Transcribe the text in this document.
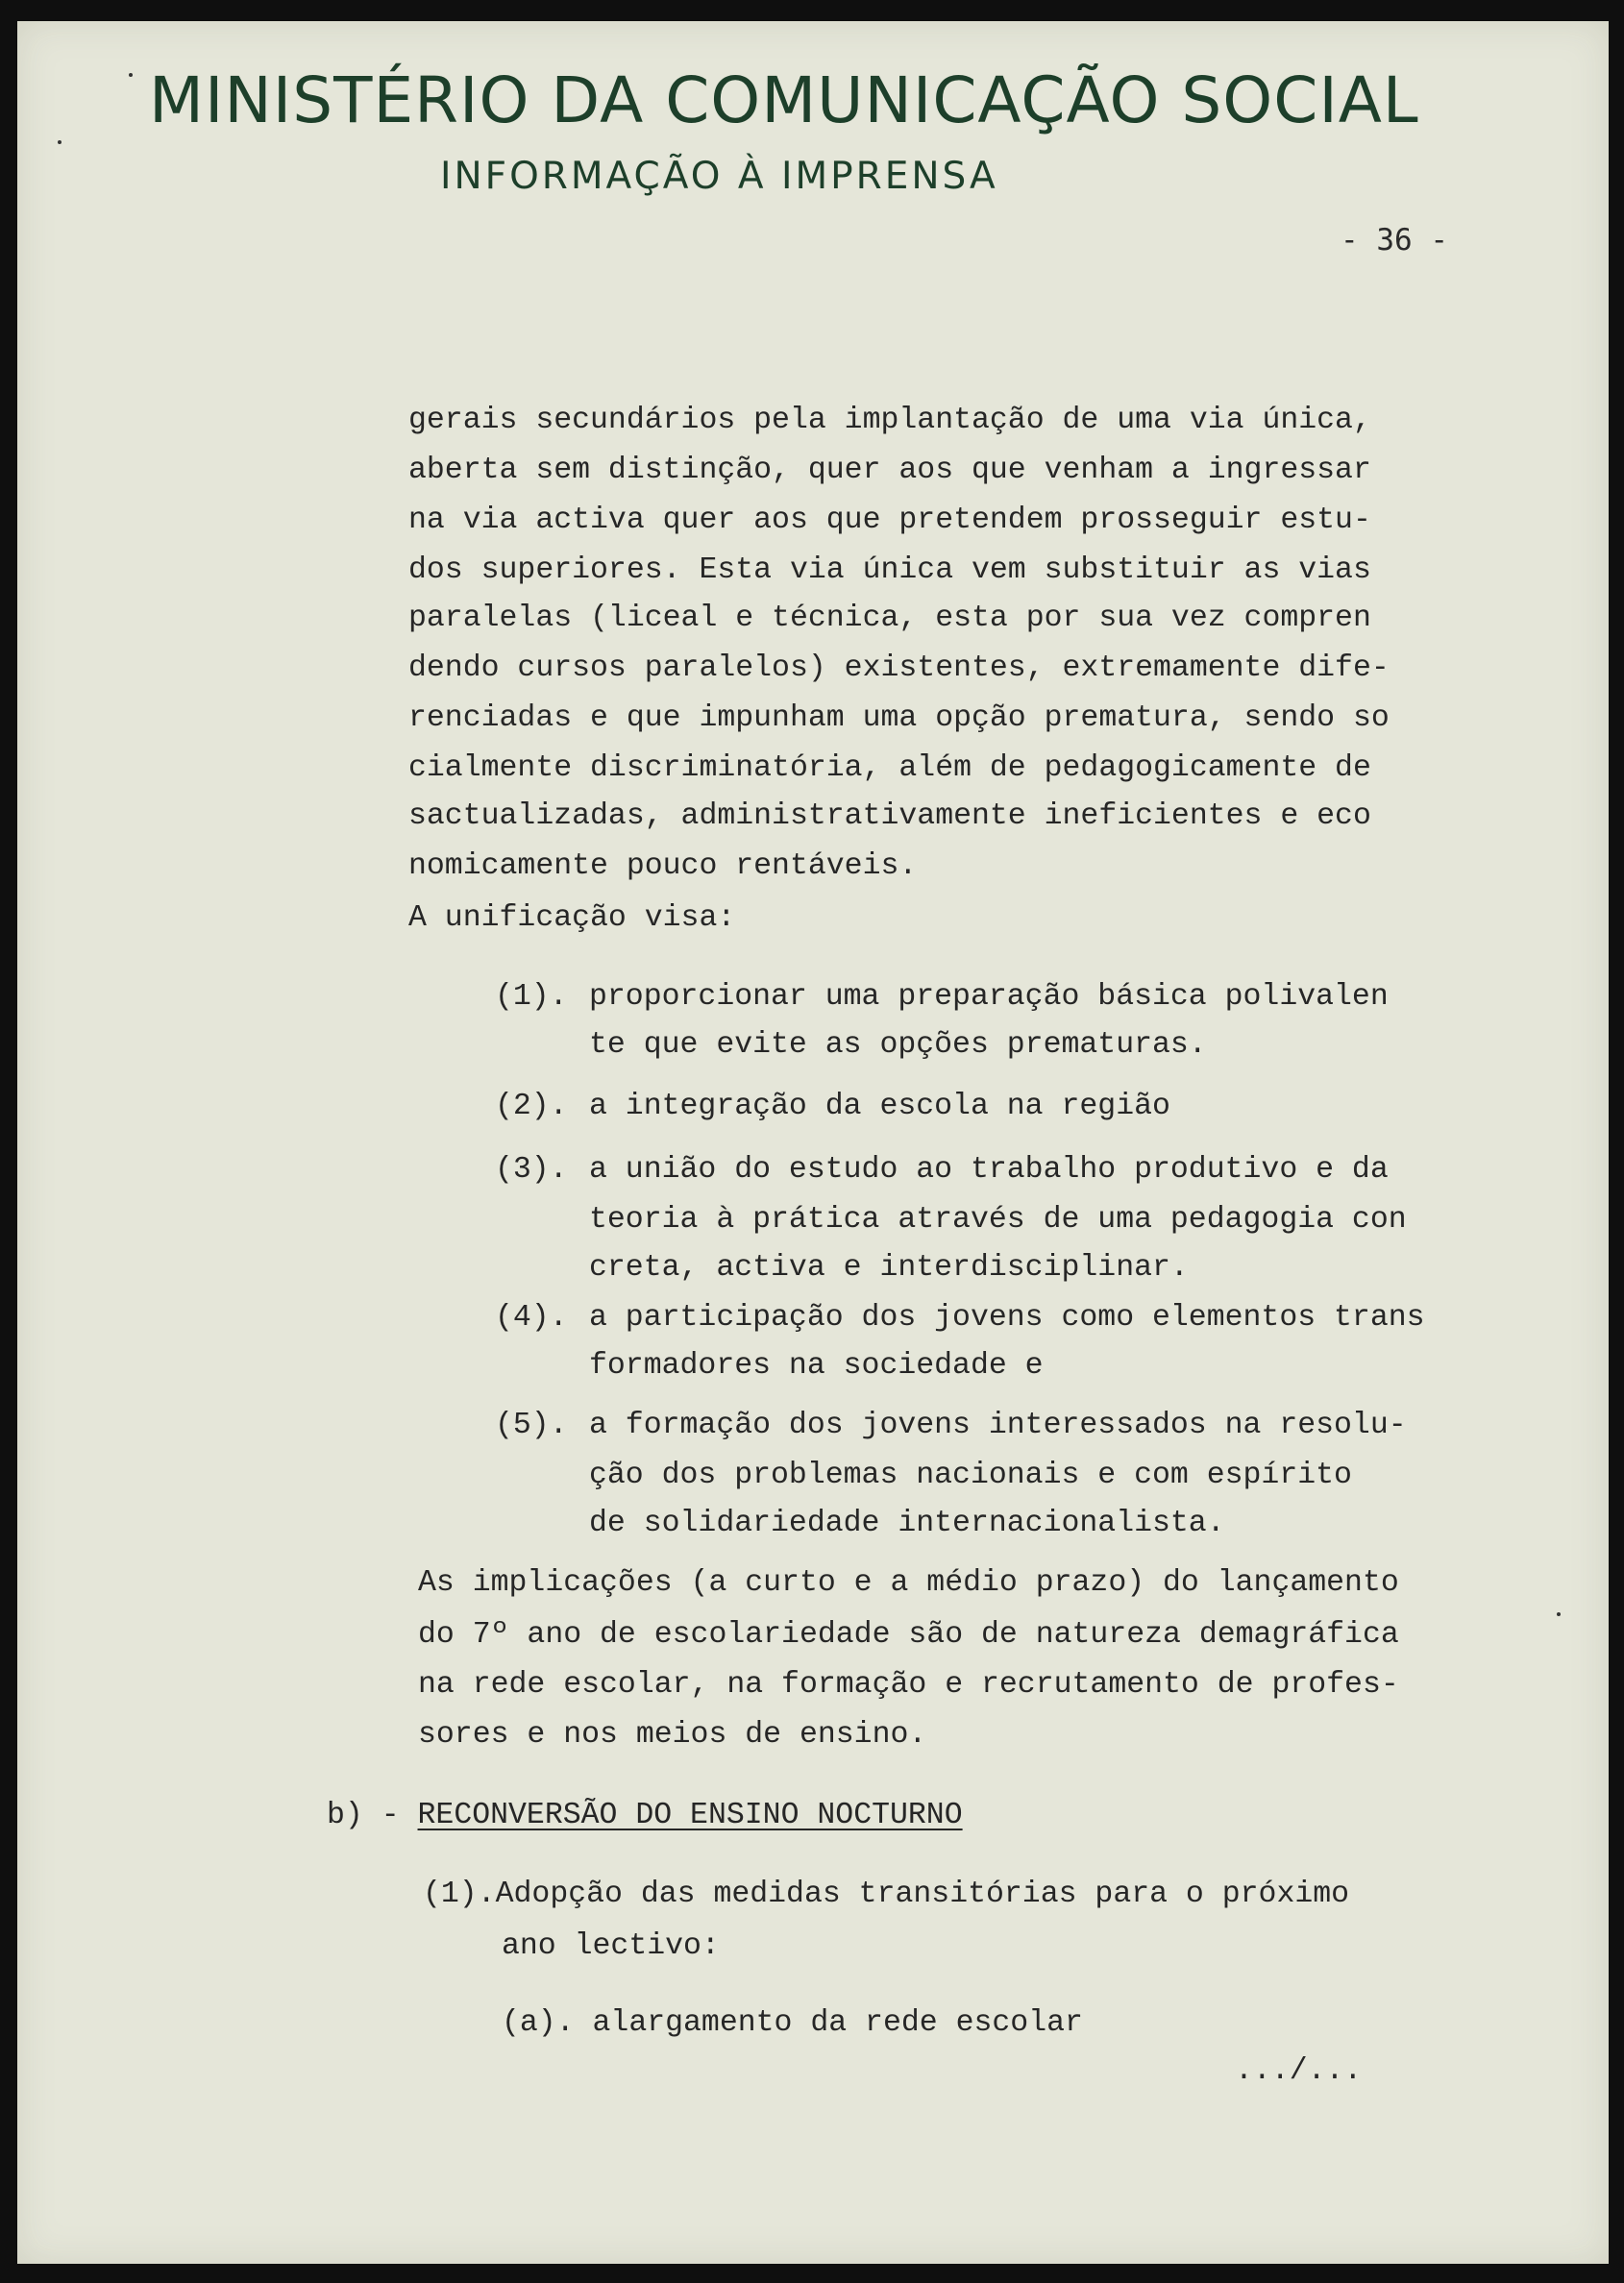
MINISTÉRIO DA COMUNICAÇÃO SOCIAL
INFORMAÇÃO À IMPRENSA
- 36 -
gerais secundários pela implantação de uma via única,
aberta sem distinção, quer aos que venham a ingressar
na via activa quer aos que pretendem prosseguir estu-
dos superiores. Esta via única vem substituir as vias
paralelas (liceal e técnica, esta por sua vez compren
dendo cursos paralelos) existentes, extremamente dife-
renciadas e que impunham uma opção prematura, sendo so
cialmente discriminatória, além de pedagogicamente de
sactualizadas, administrativamente ineficientes e eco
nomicamente pouco rentáveis.
A unificação visa:
(1). proporcionar uma preparação básica polivalen
te que evite as opções prematuras.
(2). a integração da escola na região
(3). a união do estudo ao trabalho produtivo e da
teoria à prática através de uma pedagogia con
creta, activa e interdisciplinar.
(4). a participação dos jovens como elementos trans
formadores na sociedade e
(5). a formação dos jovens interessados na resolu-
ção dos problemas nacionais e com espírito
de solidariedade internacionalista.
As implicações (a curto e a médio prazo) do lançamento
do 7º ano de escolariedade são de natureza demagráfica
na rede escolar, na formação e recrutamento de profes-
sores e nos meios de ensino.
b) - RECONVERSÃO DO ENSINO NOCTURNO
(1).Adopção das medidas transitórias para o próximo
ano lectivo:
(a). alargamento da rede escolar
.../...
